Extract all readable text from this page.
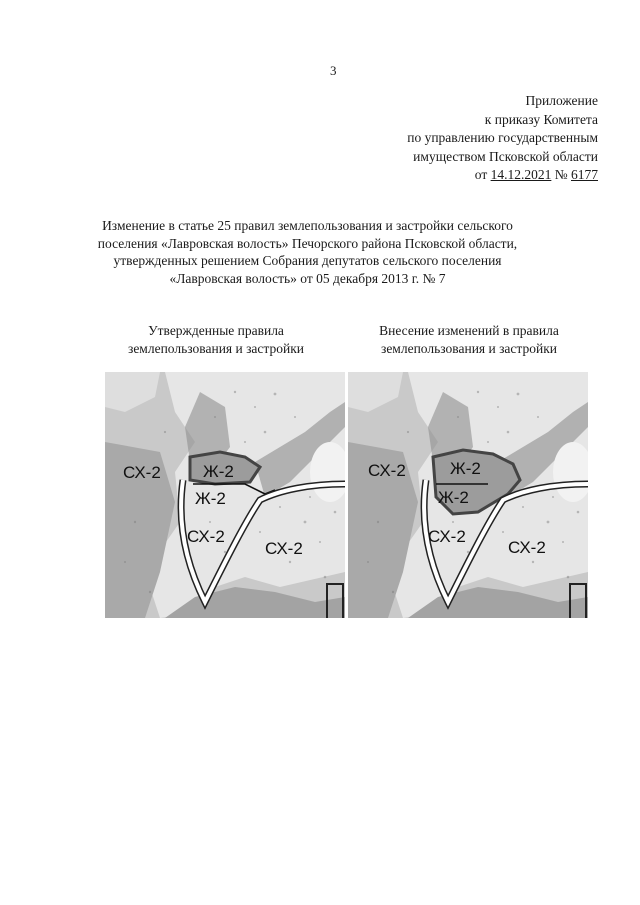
3
Приложение
к приказу Комитета
по управлению государственным
имуществом Псковской области
от 14.12.2021 № 6177
Изменение в статье 25 правил землепользования и застройки сельского
поселения «Лавровская волость» Печорского района Псковской области,
утвержденных решением Собрания депутатов сельского поселения
«Лавровская волость» от 05 декабря 2013 г. № 7
Утвержденные правила
землепользования и застройки
Внесение изменений в правила
землепользования и застройки
СХ-2 Ж-2
Ж-2
СХ-2
СХ-2
СХ-2	Ж-2
Ж-2
СХ-2
СХ-2
